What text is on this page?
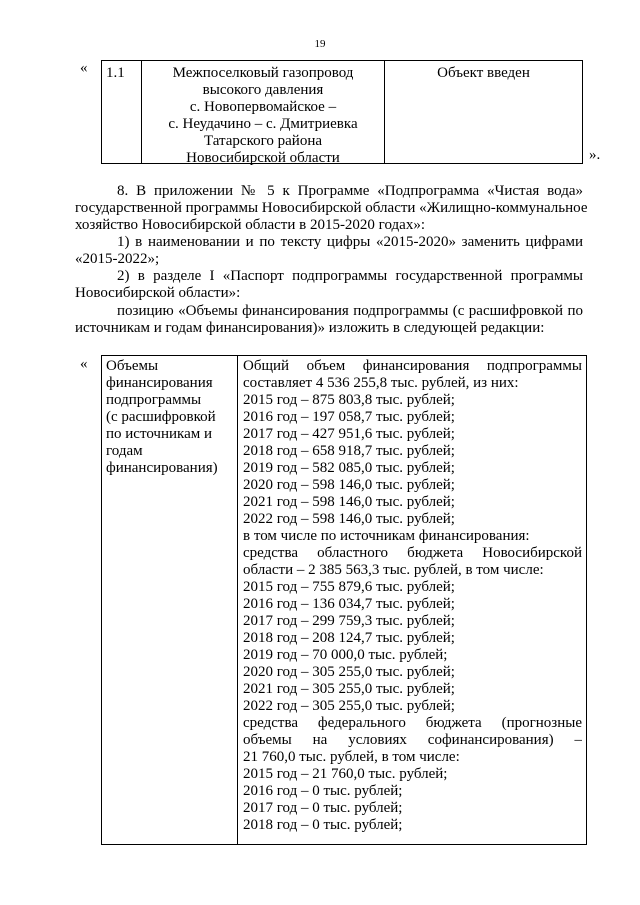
19
« 1.1	Межпоселковый газопровод
высокого давления
с. Новопервомайское –
с. Неудачино – с. Дмитриевка
Татарского района
Новосибирской области
Объект введен
».
8. В приложении № 5 к Программе «Подпрограмма «Чистая вода»
государственной программы Новосибирской области «Жилищно-коммунальное
хозяйство Новосибирской области в 2015-2020 годах»:
1) в наименовании и по тексту цифры «2015-2020» заменить цифрами
«2015-2022»;
2) в разделе I «Паспорт подпрограммы государственной программы
Новосибирской области»:
позицию «Объемы финансирования подпрограммы (с расшифровкой по
источникам и годам финансирования)» изложить в следующей редакции:
« Объемы
финансирования
подпрограммы
(с расшифровкой
по источникам и
годам
финансирования)
Общий объем финансирования подпрограммы
составляет 4 536 255,8 тыс. рублей, из них:
2015 год – 875 803,8 тыс. рублей;
2016 год – 197 058,7 тыс. рублей;
2017 год – 427 951,6 тыс. рублей;
2018 год – 658 918,7 тыс. рублей;
2019 год – 582 085,0 тыс. рублей;
2020 год – 598 146,0 тыс. рублей;
2021 год – 598 146,0 тыс. рублей;
2022 год – 598 146,0 тыс. рублей;
в том числе по источникам финансирования:
средства областного бюджета Новосибирской
области – 2 385 563,3 тыс. рублей, в том числе:
2015 год – 755 879,6 тыс. рублей;
2016 год – 136 034,7 тыс. рублей;
2017 год – 299 759,3 тыс. рублей;
2018 год – 208 124,7 тыс. рублей;
2019 год – 70 000,0 тыс. рублей;
2020 год – 305 255,0 тыс. рублей;
2021 год – 305 255,0 тыс. рублей;
2022 год – 305 255,0 тыс. рублей;
средства федерального бюджета (прогнозные
объемы на условиях софинансирования) –
21 760,0 тыс. рублей, в том числе:
2015 год – 21 760,0 тыс. рублей;
2016 год – 0 тыс. рублей;
2017 год – 0 тыс. рублей;
2018 год – 0 тыс. рублей;
